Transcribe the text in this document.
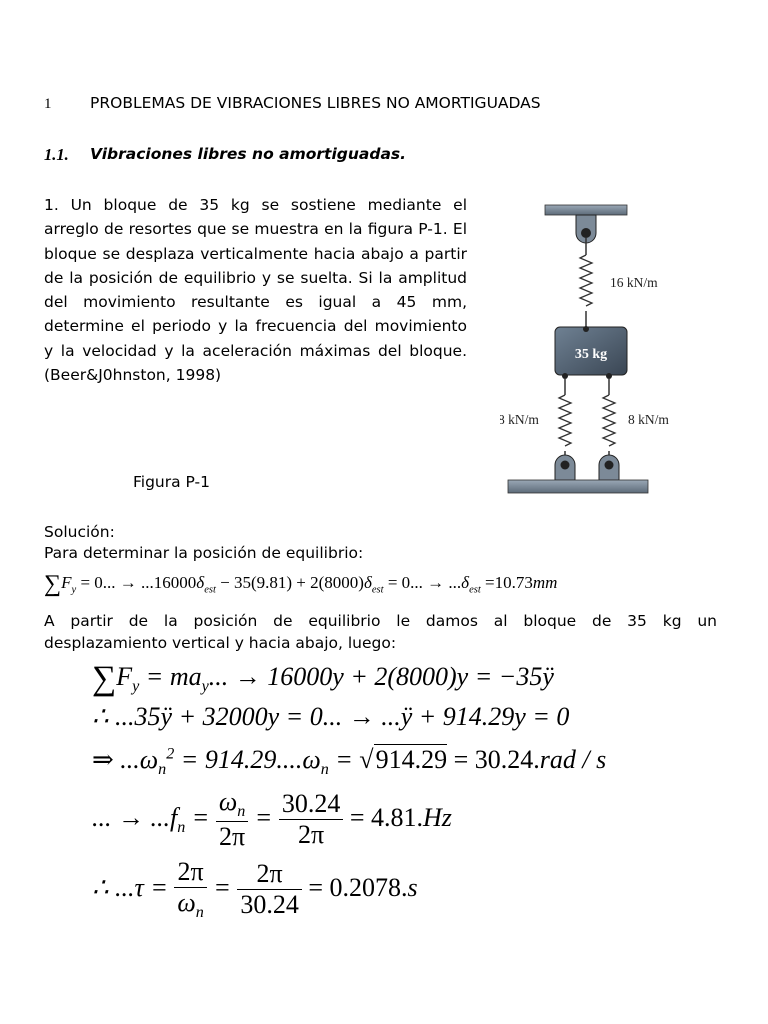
1 PROBLEMAS DE VIBRACIONES LIBRES NO AMORTIGUADAS
1.1. Vibraciones libres no amortiguadas.
1. Un bloque de 35 kg se sostiene mediante el
arreglo de resortes que se muestra en la figura P-1. El
bloque se desplaza verticalmente hacia abajo a partir
de la posición de equilibrio y se suelta. Si la amplitud
del movimiento resultante es igual a 45 mm,
determine el periodo y la frecuencia del movimiento
y la velocidad y la aceleración máximas del bloque.
(Beer&J0hnston, 1998)
16 kN/m
35 kg
8 kN/m	8 kN/m
Figura P-1
Solución:
Para determinar la posición de equilibrio:
$\sum F_y = 0$... → $...16000\delta_{est} - 35(9.81) + 2(8000)\delta_{est} = 0$... → $...\delta_{est} =10.73mm$
A partir de la posición de equilibrio le damos al bloque de 35 kg un
desplazamiento vertical y hacia abajo, luego:
$\sum F_y = ma_y$... → 16000y + 2(8000)y = −35ÿ
∴ ...35ÿ + 32000y = 0... → ...ÿ + 914.29y = 0
⇒ $...\omega_n^2 = 914.29....\omega_n = √914.29 = 30.24.rad / s$
... → $...f_n = \frac{\omega_n}{2\pi} = \frac{30.24}{2\pi} = 4.81.Hz$
∴ $...\tau = \frac{2\pi}{\omega_n} = \frac{2\pi}{30.24} = 0.2078.s$
